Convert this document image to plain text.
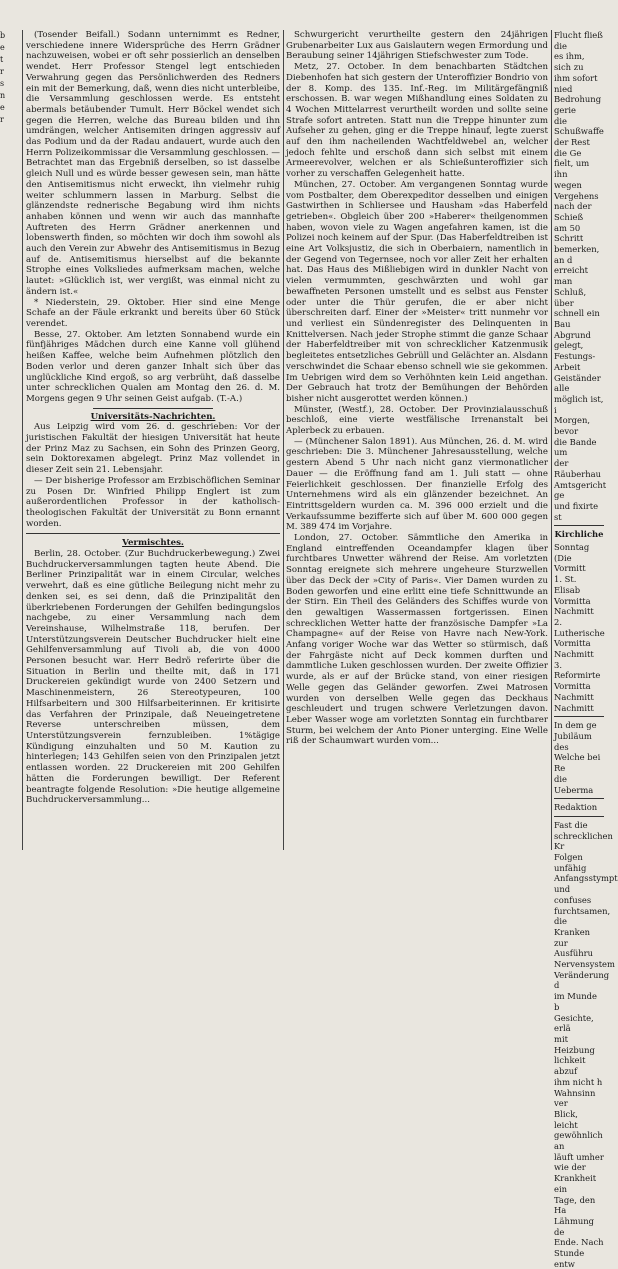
b
e
t
r
s
n
e
r

(Tosender Beifall.) Sodann unternimmt es Redner, verschiedene innere Widersprüche des Herrn Grädner nachzuweisen, wobei er oft sehr possierlich an denselben wendet. Herr Professor Stengel legt entschieden Verwahrung gegen das Persönlichwerden des Redners ein mit der Bemerkung, daß, wenn dies nicht unterbleibe, die Versammlung geschlossen werde. Es entsteht abermals betäubender Tumult. Herr Böckel wendet sich gegen die Herren, welche das Bureau bilden und ihn umdrängen, welcher Antisemiten dringen aggressiv auf das Podium und da der Radau andauert, wurde auch den Herrn Polizeikommissar die Versammlung geschlossen. — Betrachtet man das Ergebniß derselben, so ist dasselbe gleich Null und es würde besser gewesen sein, man hätte den Antisemitismus nicht erweckt, ihn vielmehr ruhig weiter schlummern lassen in Marburg. Selbst die glänzendste rednerische Begabung wird ihm nichts anhaben können und wenn wir auch das mannhafte Auftreten des Herrn Grädner anerkennen und lobenswerth finden, so möchten wir doch ihm sowohl als auch den Verein zur Abwehr des Antisemitismus in Bezug auf de. Antisemitismus hierselbst auf die bekannte Strophe eines Volksliedes aufmerksam machen, welche lautet: »Glücklich ist, wer vergißt, was einmal nicht zu ändern ist.«

* Niederstein, 29. Oktober. Hier sind eine Menge Schafe an der Fäule erkrankt und bereits über 60 Stück verendet.

Besse, 27. Oktober. Am letzten Sonnabend wurde ein fünfjähriges Mädchen durch eine Kanne voll glühend heißen Kaffee, welche beim Aufnehmen plötzlich den Boden verlor und deren ganzer Inhalt sich über das unglückliche Kind ergoß, so arg verbrüht, daß dasselbe unter schrecklichen Qualen am Montag den 26. d. M. Morgens gegen 9 Uhr seinen Geist aufgab. (T.-A.)

Universitäts-Nachrichten.

Aus Leipzig wird vom 26. d. geschrieben: Vor der juristischen Fakultät der hiesigen Universität hat heute der Prinz Maz zu Sachsen, ein Sohn des Prinzen Georg, sein Doktorexamen abgelegt. Prinz Maz vollendet in dieser Zeit sein 21. Lebensjahr.

— Der bisherige Professor am Erzbischöflichen Seminar zu Posen Dr. Winfried Philipp Englert ist zum außerordentlichen Professor in der katholisch-theologischen Fakultät der Universität zu Bonn ernannt worden.

Vermischtes.

Berlin, 28. October. (Zur Buchdruckerbewegung.) Zwei Buchdruckerversammlungen tagten heute Abend. Die Berliner Prinzipalität war in einem Circular, welches verwehrt, daß es eine gütliche Beilegung nicht mehr zu denken sei, es sei denn, daß die Prinzipalität den überkriebenen Forderungen der Gehilfen bedingungslos nachgebe, zu einer Versammlung nach dem Vereinshause, Wilhelmstraße 118, berufen. Der Unterstützungsverein Deutscher Buchdrucker hielt eine Gehilfenversammlung auf Tivoli ab, die von 4000 Personen besucht war. Herr Bedrö referirte über die Situation in Berlin und theilte mit, daß in 171 Druckereien gekündigt wurde von 2400 Setzern und Maschinenmeistern, 26 Stereotypeuren, 100 Hilfsarbeitern und 300 Hilfsarbeiterinnen. Er kritisirte das Verfahren der Prinzipale, daß Neueingetretene Reverse unterschreiben müssen, dem Unterstützungsverein fernzubleiben. 1%tägige Kündigung einzuhalten und 50 M. Kaution zu hinterlegen; 143 Gehilfen seien von den Prinzipalen jetzt entlassen worden. 22 Druckereien mit 200 Gehilfen hätten die Forderungen bewilligt. Der Referent beantragte folgende Resolution: »Die heutige allgemeine Buchdruckerversammlung...

Schwurgericht verurtheilte gestern den 24jährigen Grubenarbeiter Lux aus Gaislautern wegen Ermordung und Beraubung seiner 14jährigen Stiefschwester zum Tode.

Metz, 27. October. In dem benachbarten Städtchen Diebenhofen hat sich gestern der Unteroffizier Bondrio von der 8. Komp. des 135. Inf.-Reg. im Militärgefängniß erschossen. B. war wegen Mißhandlung eines Soldaten zu 4 Wochen Mittelarrest verurtheilt worden und sollte seine Strafe sofort antreten. Statt nun die Treppe hinunter zum Aufseher zu gehen, ging er die Treppe hinauf, legte zuerst auf den ihm nacheilenden Wachtfeldwebel an, welcher jedoch fehlte und erschoß dann sich selbst mit einem Armeerevolver, welchen er als Schießunteroffizier sich vorher zu verschaffen Gelegenheit hatte.

München, 27. October. Am vergangenen Sonntag wurde vom Postbalter, dem Oberexpeditor desselben und einigen Gastwirthen in Schliersee und Hausham »das Haberfeld getrieben«. Obgleich über 200 »Haberer« theilgenommen haben, wovon viele zu Wagen angefahren kamen, ist die Polizei noch keinem auf der Spur. (Das Haberfeldtreiben ist eine Art Volksjustiz, die sich in Oberbaiern, namentlich in der Gegend von Tegernsee, noch vor aller Zeit her erhalten hat. Das Haus des Mißliebigen wird in dunkler Nacht von vielen vermummten, geschwärzten und wohl gar bewaffneten Personen umstellt und es selbst aus Fenster oder unter die Thür gerufen, die er aber nicht überschreiten darf. Einer der »Meister« tritt nunmehr vor und verliest ein Sündenregister des Delinquenten in Knittelversen. Nach jeder Strophe stimmt die ganze Schaar der Haberfeldtreiber mit von schrecklicher Katzenmusik begleitetes entsetzliches Gebrüll und Gelächter an. Alsdann verschwindet die Schaar ebenso schnell wie sie gekommen. Im Uebrigen wird dem so Verhöhnten kein Leid angethan. Der Gebrauch hat trotz der Bemühungen der Behörden bisher nicht ausgerottet werden können.)

Münster, (Westf.), 28. October. Der Provinzialausschuß beschloß, eine vierte westfälische Irrenanstalt bei Aplerbeck zu erbauen.

— (Münchener Salon 1891). Aus München, 26. d. M. wird geschrieben: Die 3. Münchener Jahresausstellung, welche gestern Abend 5 Uhr nach nicht ganz viermonatlicher Dauer — die Eröffnung fand am 1. Juli statt — ohne Feierlichkeit geschlossen. Der finanzielle Erfolg des Unternehmens wird als ein glänzender bezeichnet. An Eintrittsgeldern wurden ca. M. 396 000 erzielt und die Verkaufssumme bezifferte sich auf über M. 600 000 gegen M. 389 474 im Vorjahre.

London, 27. October. Sämmtliche den Amerika in England eintreffenden Oceandampfer klagen über furchtbares Unwetter während der Reise. Am vorletzten Sonntag ereignete sich mehrere ungeheure Sturzwellen über das Deck der »City of Paris«. Vier Damen wurden zu Boden geworfen und eine erlitt eine tiefe Schnittwunde an der Stirn. Ein Theil des Geländers des Schiffes wurde von den gewaltigen Wassermassen fortgerissen. Einen schrecklichen Wetter hatte der französische Dampfer »La Champagne« auf der Reise von Havre nach New-York. Anfang voriger Woche war das Wetter so stürmisch, daß der Fahrgäste nicht auf Deck kommen durften und dammtliche Luken geschlossen wurden. Der zweite Offizier wurde, als er auf der Brücke stand, von einer riesigen Welle gegen das Geländer geworfen. Zwei Matrosen wurden von derselben Welle gegen das Deckhaus geschleudert und trugen schwere Verletzungen davon. Leber Wasser woge am vorletzten Sonntag ein furchtbarer Sturm, bei welchem der Anto Pioner unterging. Eine Welle riß der Schaumwart wurden vom...

Flucht fließ die
es ihm, sich zu
ihm sofort nied
Bedrohung gerie
die Schußwaffe
der Rest die Ge
fielt, um ihn
wegen Vergehens
nach der Schieß
am 50 Schritt
bemerken, an d
erreicht man
Schluß, über
schnell ein Bau
Abgrund gelegt,
Festungs-Arbeit
Geiständer alle
möglich ist, i
Morgen, bevor
die Bande um
der Räuberhau
Amtsgericht ge
und fixirte st
Kirchliche
Sonntag
(Die Vormitt
1. St. Elisab
Vormitta
Nachmitt
2. Lutherische
Vormitta
Nachmitt
3. Reformirte
Vormitta
Nachmitt
Nachmitt
In dem ge
Jubiläum des
Welche bei Re
die Ueberma
Redaktion
Fast die
schrecklichen Kr
Folgen unfähig
Anfangsstympt
und confuses
furchtsamen,
die Kranken
zur Ausführu
Nervensystem
Veränderung d
im Munde b
Gesichte, erlä
mit Heizbung
lichkeit abzuf
ihm nicht h
Wahnsinn ver
Blick, leicht
gewöhnlich an
läuft umher
wie der
Krankheit ein
Tage, den Ha
Lähmung de
Ende. Nach
Stunde entw
